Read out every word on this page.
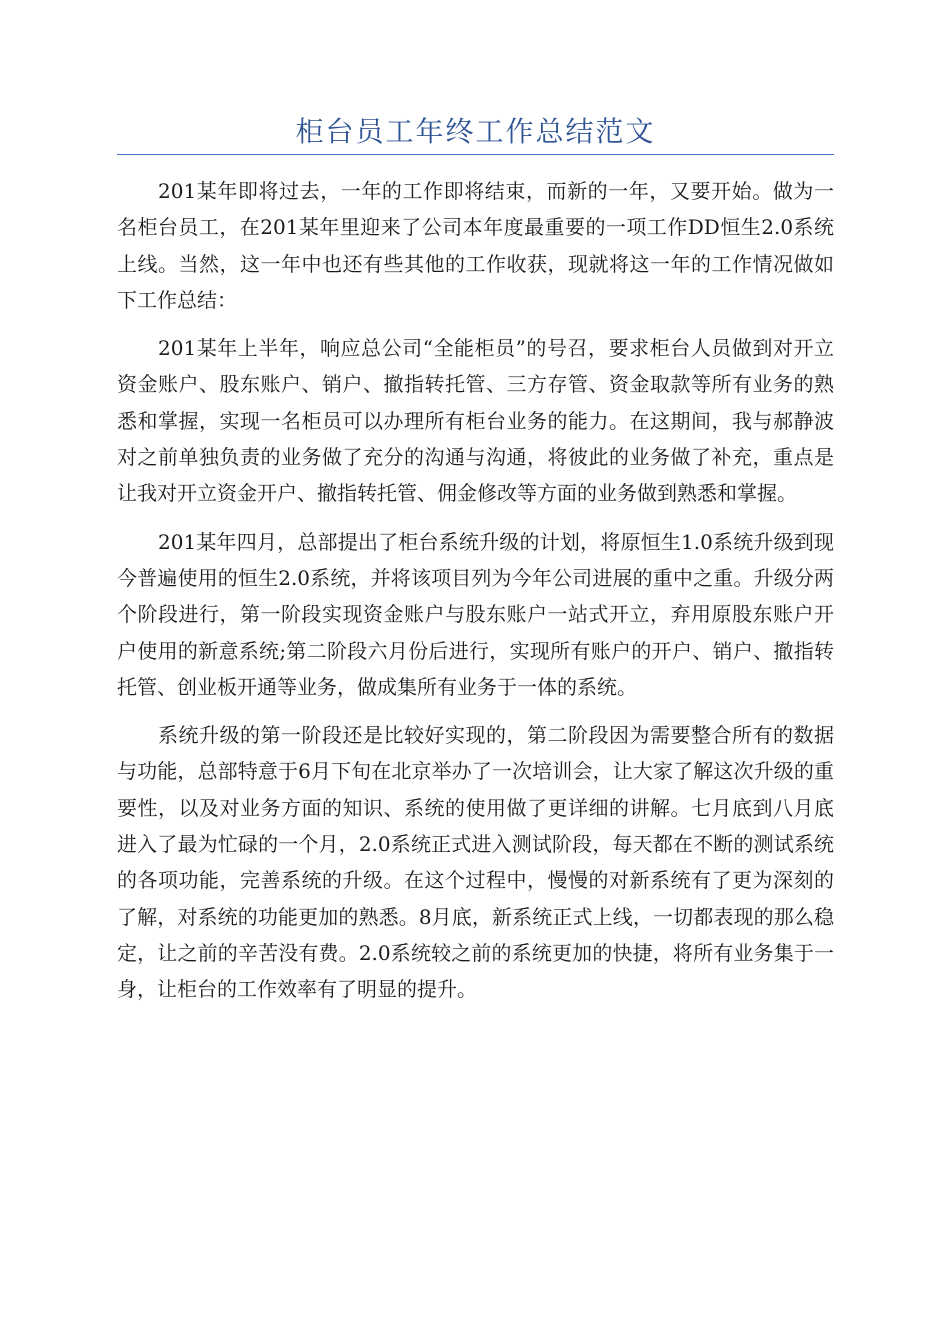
柜台员工年终工作总结范文

201某年即将过去，一年的工作即将结束，而新的一年，又要开始。做为一名柜台员工，在201某年里迎来了公司本年度最重要的一项工作DD恒生2.0系统上线。当然，这一年中也还有些其他的工作收获，现就将这一年的工作情况做如下工作总结：

201某年上半年，响应总公司“全能柜员”的号召，要求柜台人员做到对开立资金账户、股东账户、销户、撤指转托管、三方存管、资金取款等所有业务的熟悉和掌握，实现一名柜员可以办理所有柜台业务的能力。在这期间，我与郝静波对之前单独负责的业务做了充分的沟通与沟通，将彼此的业务做了补充，重点是让我对开立资金开户、撤指转托管、佣金修改等方面的业务做到熟悉和掌握。

201某年四月，总部提出了柜台系统升级的计划，将原恒生1.0系统升级到现今普遍使用的恒生2.0系统，并将该项目列为今年公司进展的重中之重。升级分两个阶段进行，第一阶段实现资金账户与股东账户一站式开立，弃用原股东账户开户使用的新意系统;第二阶段六月份后进行，实现所有账户的开户、销户、撤指转托管、创业板开通等业务，做成集所有业务于一体的系统。

系统升级的第一阶段还是比较好实现的，第二阶段因为需要整合所有的数据与功能，总部特意于6月下旬在北京举办了一次培训会，让大家了解这次升级的重要性，以及对业务方面的知识、系统的使用做了更详细的讲解。七月底到八月底进入了最为忙碌的一个月，2.0系统正式进入测试阶段，每天都在不断的测试系统的各项功能，完善系统的升级。在这个过程中，慢慢的对新系统有了更为深刻的了解，对系统的功能更加的熟悉。8月底，新系统正式上线，一切都表现的那么稳定，让之前的辛苦没有费。2.0系统较之前的系统更加的快捷，将所有业务集于一身，让柜台的工作效率有了明显的提升。
